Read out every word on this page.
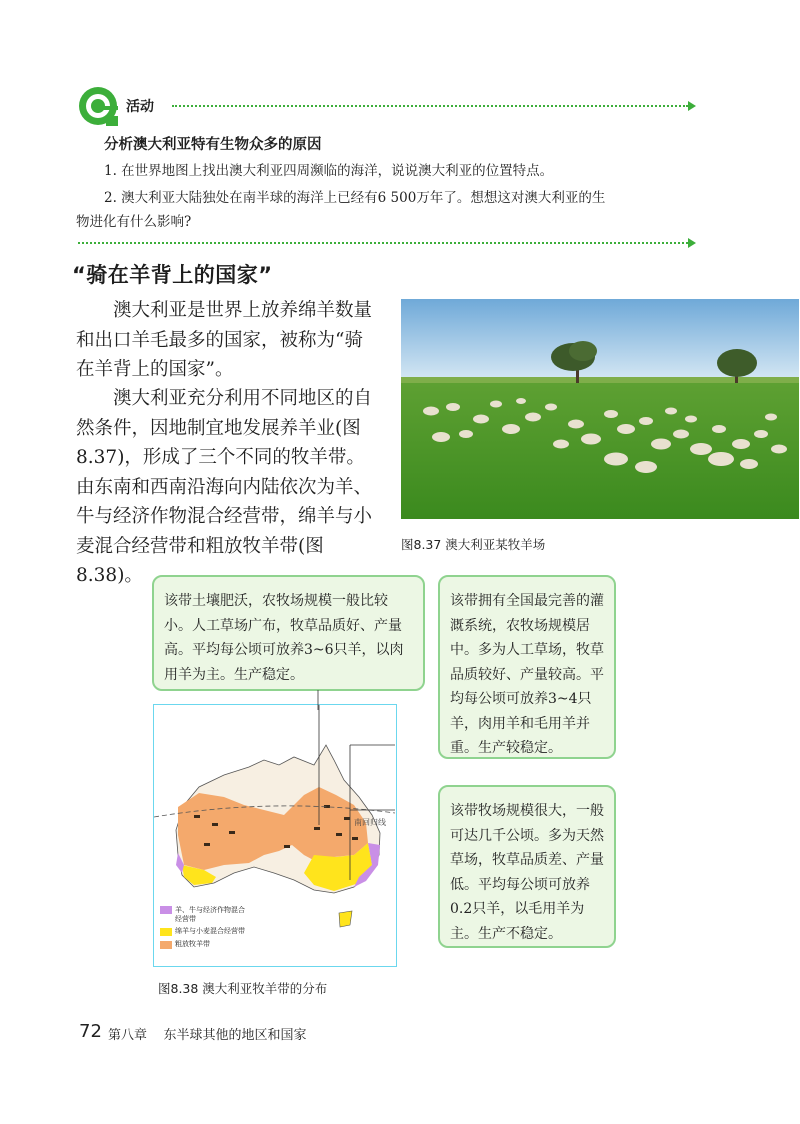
活动
分析澳大利亚特有生物众多的原因
1. 在世界地图上找出澳大利亚四周濒临的海洋，说说澳大利亚的位置特点。
2. 澳大利亚大陆独处在南半球的海洋上已经有6 500万年了。想想这对澳大利亚的生
物进化有什么影响?
“骑在羊背上的国家”
澳大利亚是世界上放养绵羊数量和出口羊毛最多的国家，被称为“骑在羊背上的国家”。
澳大利亚充分利用不同地区的自然条件，因地制宜地发展养羊业(图8.37)，形成了三个不同的牧羊带。由东南和西南沿海向内陆依次为羊、牛与经济作物混合经营带，绵羊与小麦混合经营带和粗放牧羊带(图8.38)。
图8.37 澳大利亚某牧羊场
该带土壤肥沃，农牧场规模一般比较小。人工草场广布，牧草品质好、产量高。平均每公顷可放养3~6只羊，以肉用羊为主。生产稳定。
该带拥有全国最完善的灌溉系统，农牧场规模居中。多为人工草场，牧草品质较好、产量较高。平均每公顷可放养3~4只羊，肉用羊和毛用羊并重。生产较稳定。
该带牧场规模很大，一般可达几千公顷。多为天然草场，牧草品质差、产量低。平均每公顷可放养0.2只羊，以毛用羊为主。生产不稳定。
南回归线
羊、牛与经济作物混合
经营带
绵羊与小麦混合经营带
粗放牧羊带
图8.38 澳大利亚牧羊带的分布
72 第八章    东半球其他的地区和国家
